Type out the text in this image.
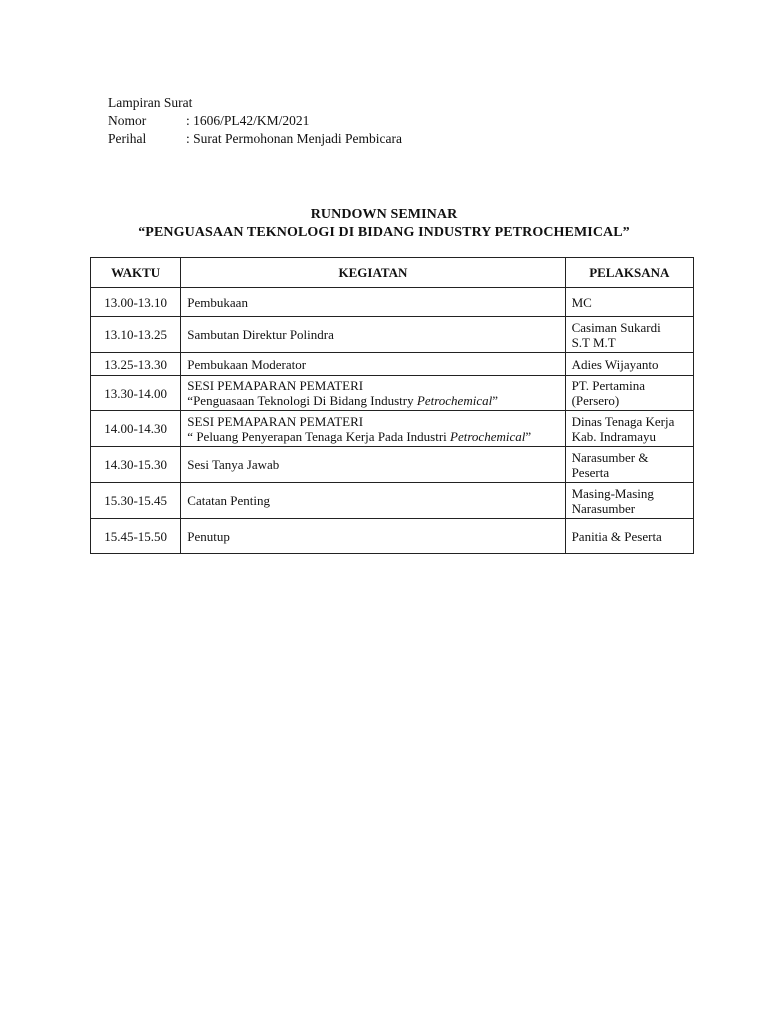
Lampiran Surat
Nomor	: 1606/PL42/KM/2021
Perihal	: Surat Permohonan Menjadi Pembicara
RUNDOWN SEMINAR
“PENGUASAAN TEKNOLOGI DI BIDANG INDUSTRY PETROCHEMICAL”
WAKTU	KEGIATAN	PELAKSANA
13.00-13.10	Pembukaan	MC

13.10-13.25	Sambutan Direktur Polindra	Casiman Sukardi
S.T M.T

13.25-13.30	Pembukaan Moderator	Adies Wijayanto

13.30-14.00	SESI PEMAPARAN PEMATERI
“Penguasaan Teknologi Di Bidang Industry Petrochemical”	PT. Pertamina
(Persero)

14.00-14.30	SESI PEMAPARAN PEMATERI
“ Peluang Penyerapan Tenaga Kerja Pada Industri Petrochemical”	Dinas Tenaga Kerja
Kab. Indramayu

14.30-15.30	Sesi Tanya Jawab	Narasumber &
Peserta

15.30-15.45	Catatan Penting	Masing-Masing
Narasumber

15.45-15.50	Penutup	Panitia & Peserta
